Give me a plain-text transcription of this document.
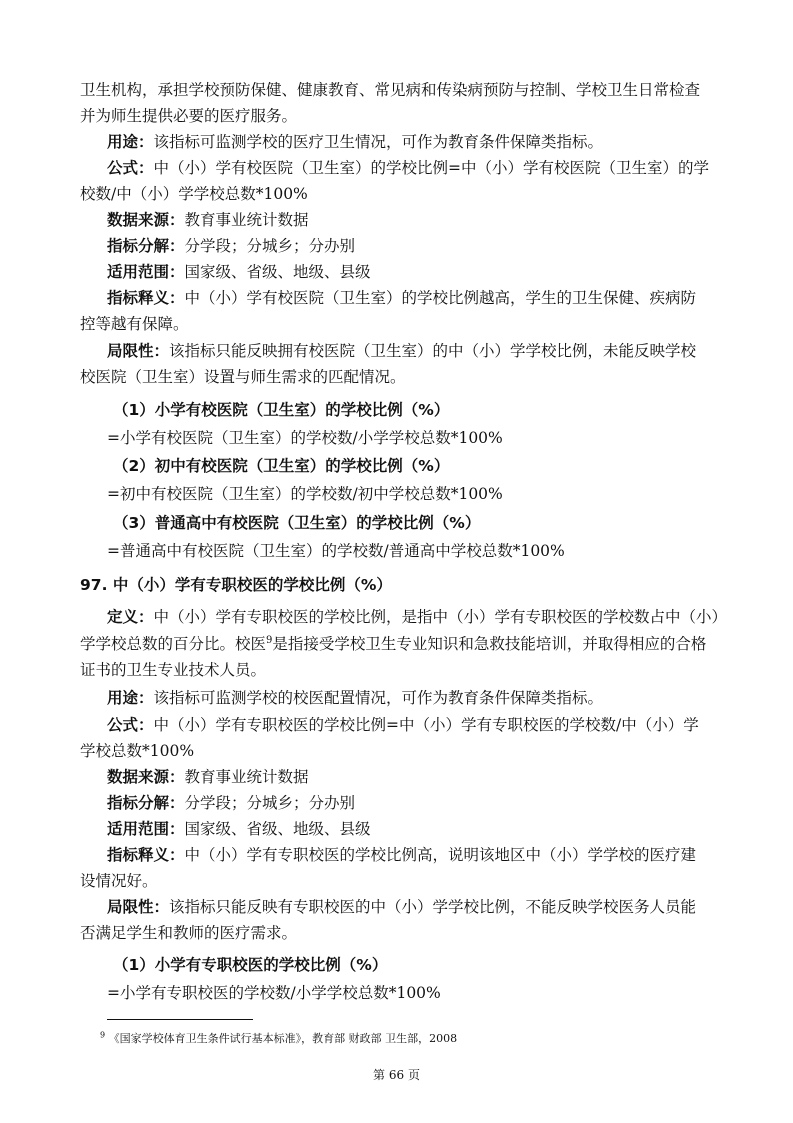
卫生机构，承担学校预防保健、健康教育、常见病和传染病预防与控制、学校卫生日常检查
并为师生提供必要的医疗服务。
用途：该指标可监测学校的医疗卫生情况，可作为教育条件保障类指标。
公式：中（小）学有校医院（卫生室）的学校比例=中（小）学有校医院（卫生室）的学
校数/中（小）学学校总数*100%
数据来源：教育事业统计数据
指标分解：分学段；分城乡；分办别
适用范围：国家级、省级、地级、县级
指标释义：中（小）学有校医院（卫生室）的学校比例越高，学生的卫生保健、疾病防
控等越有保障。
局限性：该指标只能反映拥有校医院（卫生室）的中（小）学学校比例，未能反映学校
校医院（卫生室）设置与师生需求的匹配情况。
（1）小学有校医院（卫生室）的学校比例（%）
=小学有校医院（卫生室）的学校数/小学学校总数*100%
（2）初中有校医院（卫生室）的学校比例（%）
=初中有校医院（卫生室）的学校数/初中学校总数*100%
（3）普通高中有校医院（卫生室）的学校比例（%）
=普通高中有校医院（卫生室）的学校数/普通高中学校总数*100%
97. 中（小）学有专职校医的学校比例（%）
定义：中（小）学有专职校医的学校比例，是指中（小）学有专职校医的学校数占中（小）
学学校总数的百分比。校医$^9$是指接受学校卫生专业知识和急救技能培训，并取得相应的合格
证书的卫生专业技术人员。
用途：该指标可监测学校的校医配置情况，可作为教育条件保障类指标。
公式：中（小）学有专职校医的学校比例=中（小）学有专职校医的学校数/中（小）学
学校总数*100%
数据来源：教育事业统计数据
指标分解：分学段；分城乡；分办别
适用范围：国家级、省级、地级、县级
指标释义：中（小）学有专职校医的学校比例高，说明该地区中（小）学学校的医疗建
设情况好。
局限性：该指标只能反映有专职校医的中（小）学学校比例，不能反映学校医务人员能
否满足学生和教师的医疗需求。
（1）小学有专职校医的学校比例（%）
=小学有专职校医的学校数/小学学校总数*100%
$^9$ 《国家学校体育卫生条件试行基本标准》，教育部 财政部 卫生部，2008
第 66 页
